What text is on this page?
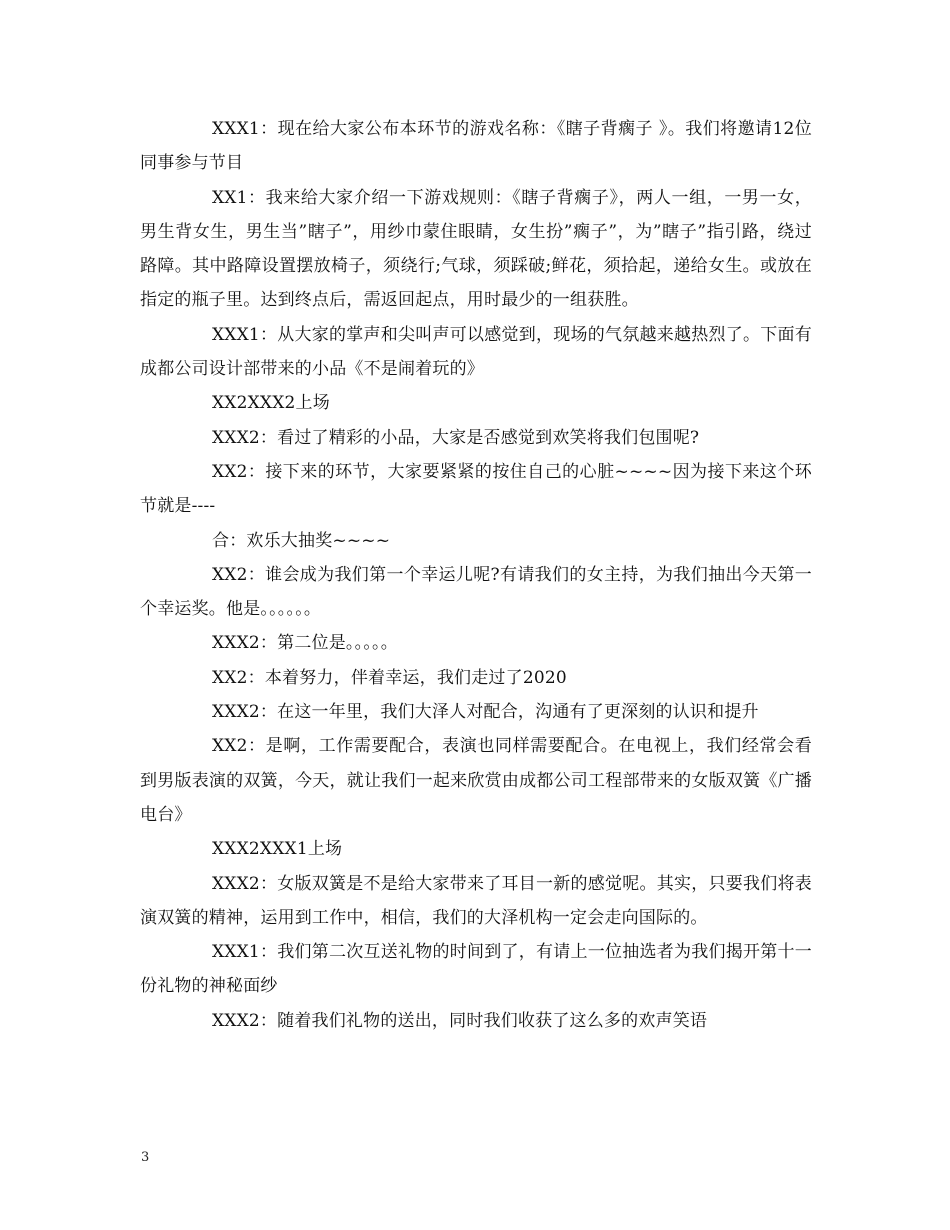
XXX1：现在给大家公布本环节的游戏名称：《瞎子背瘸子 》。我们将邀请12位同事参与节目

XX1：我来给大家介绍一下游戏规则：《瞎子背瘸子》，两人一组，一男一女，男生背女生，男生当”瞎子”，用纱巾蒙住眼睛，女生扮”瘸子”，为”瞎子”指引路，绕过路障。其中路障设置摆放椅子，须绕行;气球，须踩破;鲜花，须拾起，递给女生。或放在指定的瓶子里。达到终点后，需返回起点，用时最少的一组获胜。

XXX1：从大家的掌声和尖叫声可以感觉到，现场的气氛越来越热烈了。下面有成都公司设计部带来的小品《不是闹着玩的》

XX2XXX2上场

XXX2：看过了精彩的小品，大家是否感觉到欢笑将我们包围呢?

XX2：接下来的环节，大家要紧紧的按住自己的心脏~~~~因为接下来这个环节就是----

合：欢乐大抽奖~~~~

XX2：谁会成为我们第一个幸运儿呢?有请我们的女主持，为我们抽出今天第一个幸运奖。他是。。。。。。

XXX2：第二位是。。。。。

XX2：本着努力，伴着幸运，我们走过了2020

XXX2：在这一年里，我们大泽人对配合，沟通有了更深刻的认识和提升

XX2：是啊，工作需要配合，表演也同样需要配合。在电视上，我们经常会看到男版表演的双簧，今天，就让我们一起来欣赏由成都公司工程部带来的女版双簧《广播电台》

XXX2XXX1上场

XXX2：女版双簧是不是给大家带来了耳目一新的感觉呢。其实，只要我们将表演双簧的精神，运用到工作中，相信，我们的大泽机构一定会走向国际的。

XXX1：我们第二次互送礼物的时间到了，有请上一位抽选者为我们揭开第十一份礼物的神秘面纱

XXX2：随着我们礼物的送出，同时我们收获了这么多的欢声笑语

3
